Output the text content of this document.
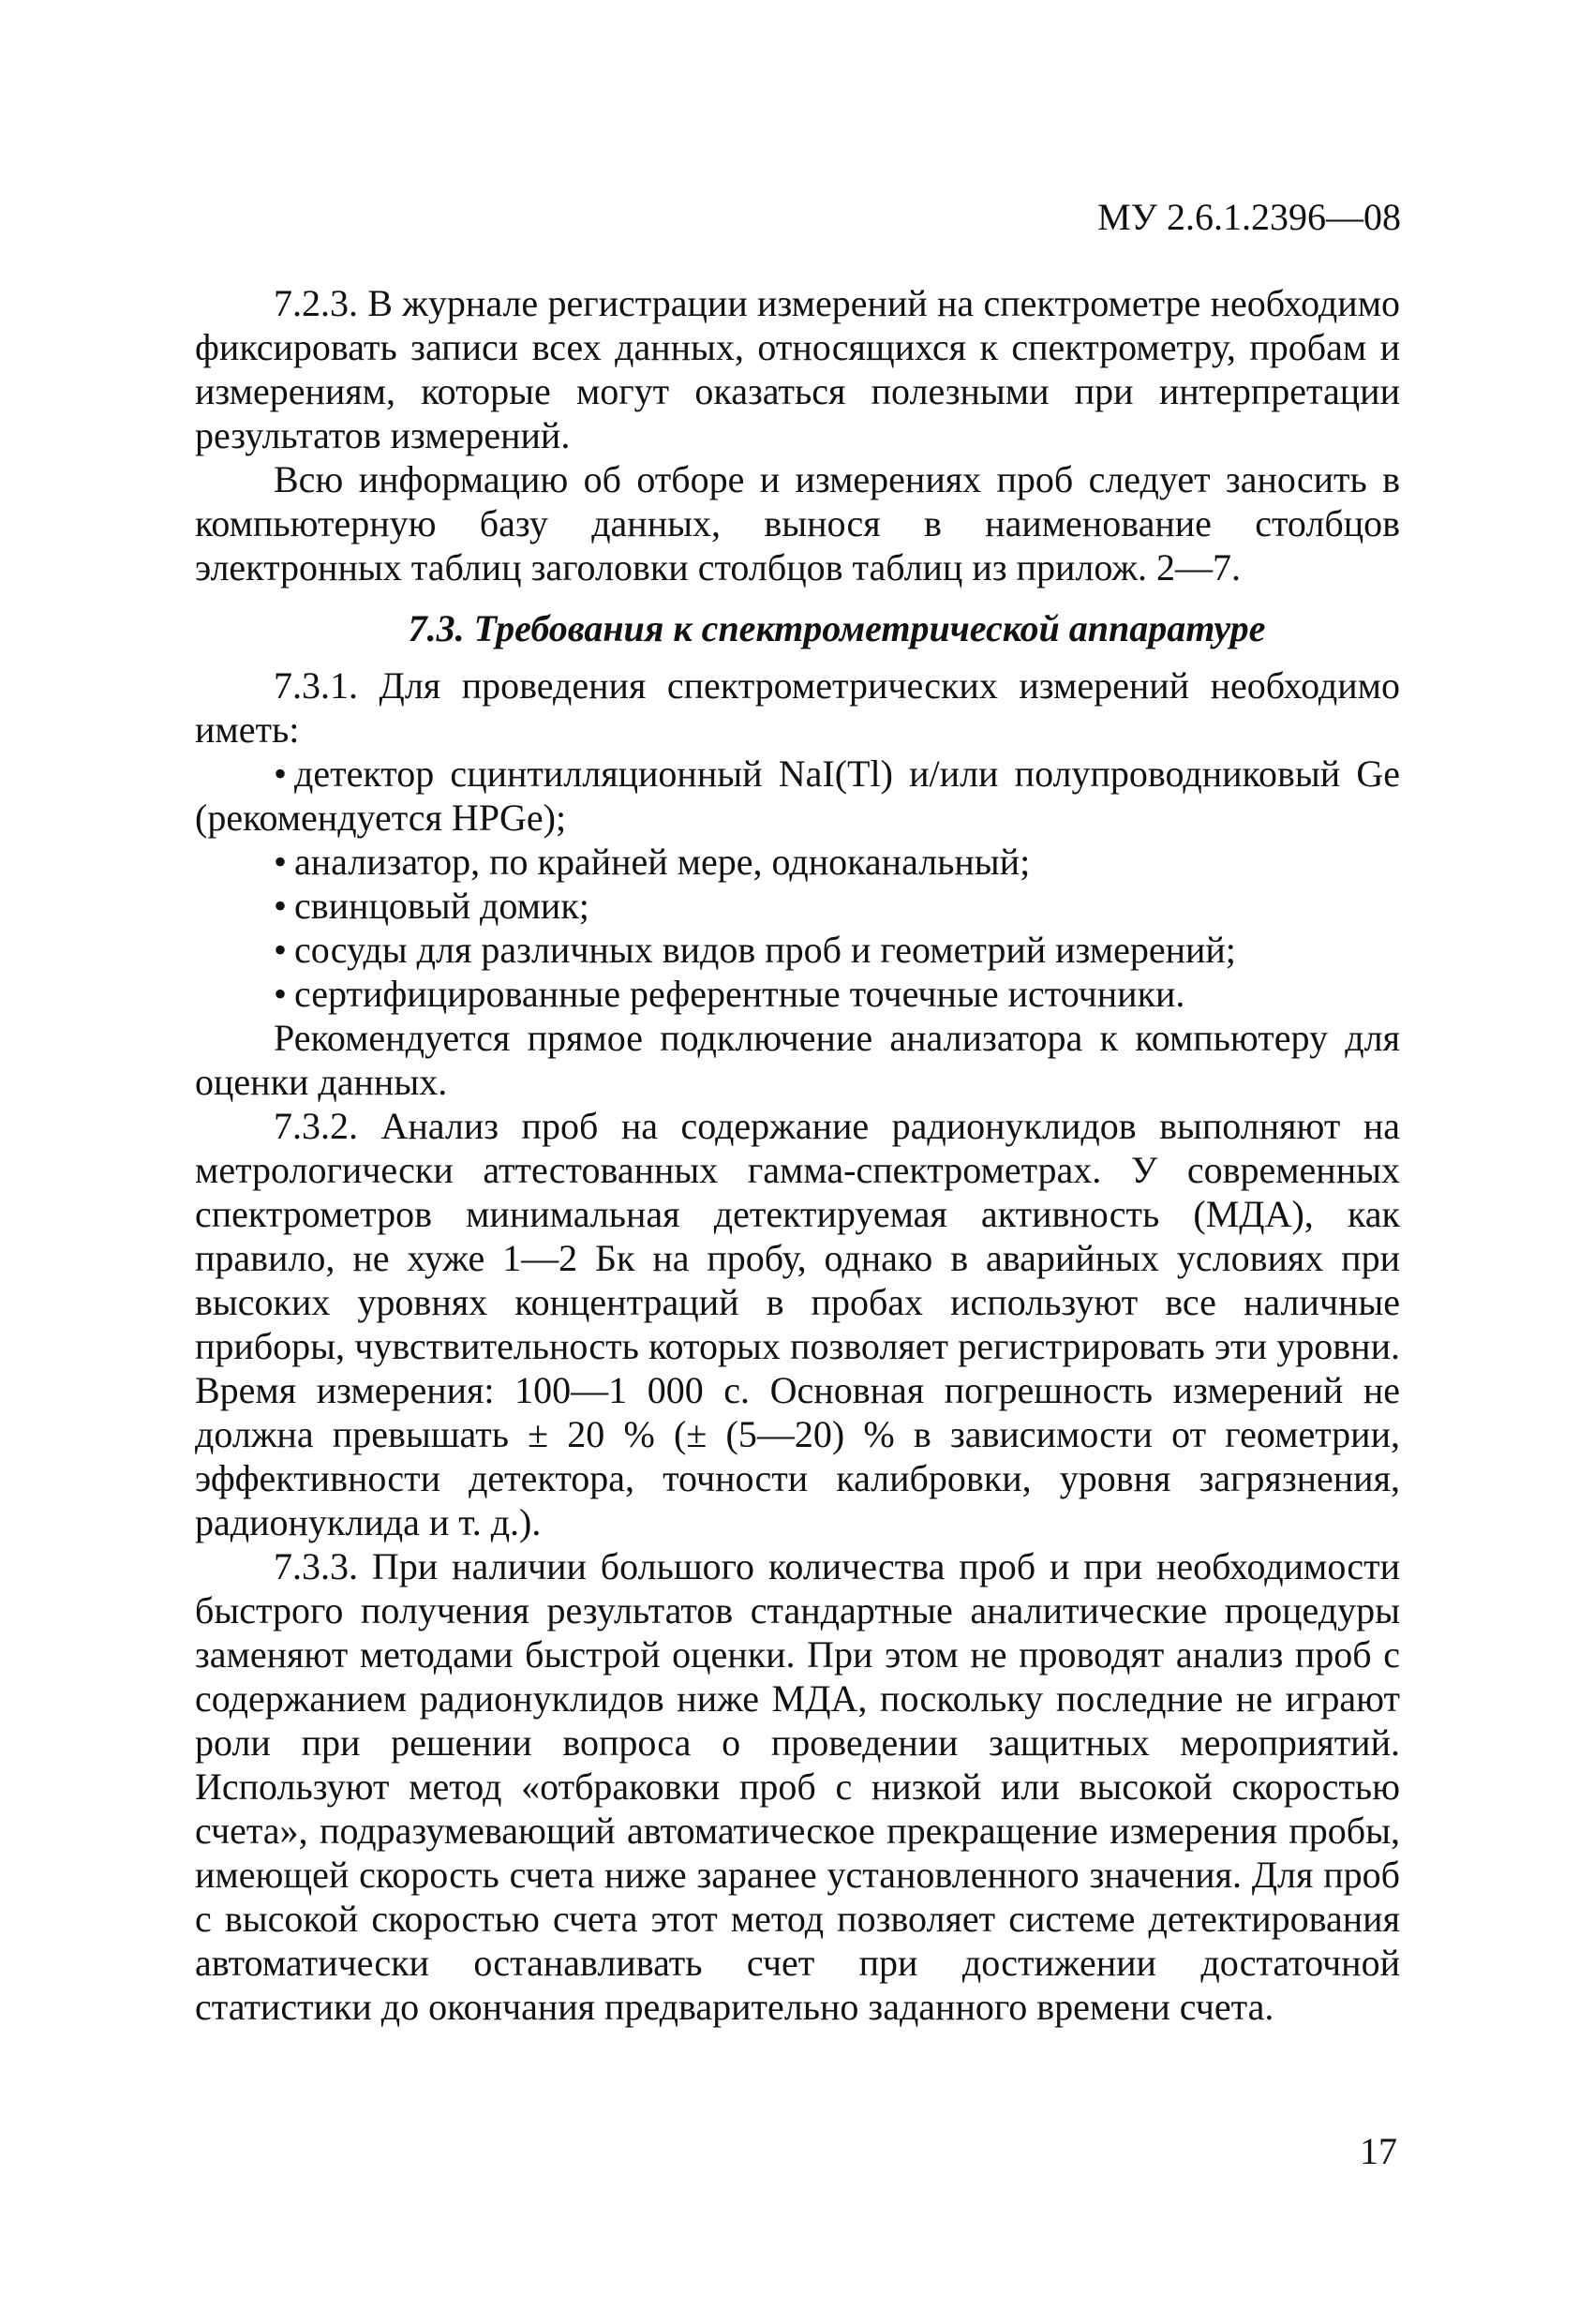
МУ 2.6.1.2396—08

7.2.3. В журнале регистрации измерений на спектрометре необходимо фиксировать записи всех данных, относящихся к спектрометру, пробам и измерениям, которые могут оказаться полезными при интерпретации результатов измерений.

Всю информацию об отборе и измерениях проб следует заносить в компьютерную базу данных, вынося в наименование столбцов электронных таблиц заголовки столбцов таблиц из прилож. 2—7.

7.3. Требования к спектрометрической аппаратуре

7.3.1. Для проведения спектрометрических измерений необходимо иметь:

• детектор сцинтилляционный NaI(Tl) и/или полупроводниковый Ge (рекомендуется HPGe);
• анализатор, по крайней мере, одноканальный;
• свинцовый домик;
• сосуды для различных видов проб и геометрий измерений;
• сертифицированные референтные точечные источники.

Рекомендуется прямое подключение анализатора к компьютеру для оценки данных.

7.3.2. Анализ проб на содержание радионуклидов выполняют на метрологически аттестованных гамма-спектрометрах. У современных спектрометров минимальная детектируемая активность (МДА), как правило, не хуже 1—2 Бк на пробу, однако в аварийных условиях при высоких уровнях концентраций в пробах используют все наличные приборы, чувствительность которых позволяет регистрировать эти уровни. Время измерения: 100—1 000 с. Основная погрешность измерений не должна превышать ± 20 % (± (5—20) % в зависимости от геометрии, эффективности детектора, точности калибровки, уровня загрязнения, радионуклида и т. д.).

7.3.3. При наличии большого количества проб и при необходимости быстрого получения результатов стандартные аналитические процедуры заменяют методами быстрой оценки. При этом не проводят анализ проб с содержанием радионуклидов ниже МДА, поскольку последние не играют роли при решении вопроса о проведении защитных мероприятий. Используют метод «отбраковки проб с низкой или высокой скоростью счета», подразумевающий автоматическое прекращение измерения пробы, имеющей скорость счета ниже заранее установленного значения. Для проб с высокой скоростью счета этот метод позволяет системе детектирования автоматически останавливать счет при достижении достаточной статистики до окончания предварительно заданного времени счета.

17
